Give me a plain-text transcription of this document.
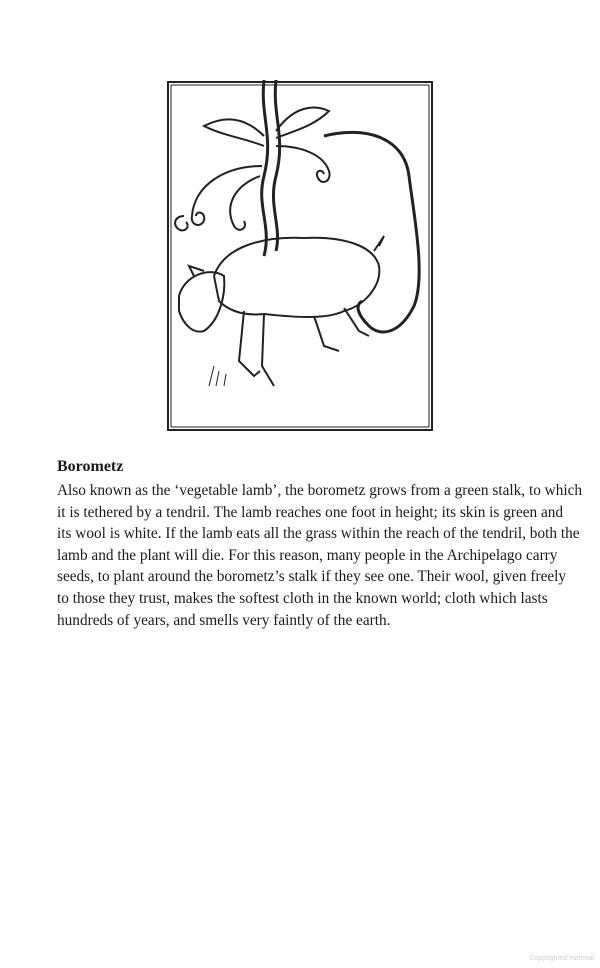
Borometz
Also known as the ‘vegetable lamb’, the borometz grows from a green stalk, to which
it is tethered by a tendril. The lamb reaches one foot in height; its skin is green and
its wool is white. If the lamb eats all the grass within the reach of the tendril, both the
lamb and the plant will die. For this reason, many people in the Archipelago carry
seeds, to plant around the borometz’s stalk if they see one. Their wool, given freely
to those they trust, makes the softest cloth in the known world; cloth which lasts
hundreds of years, and smells very faintly of the earth.
Copyrighted material
